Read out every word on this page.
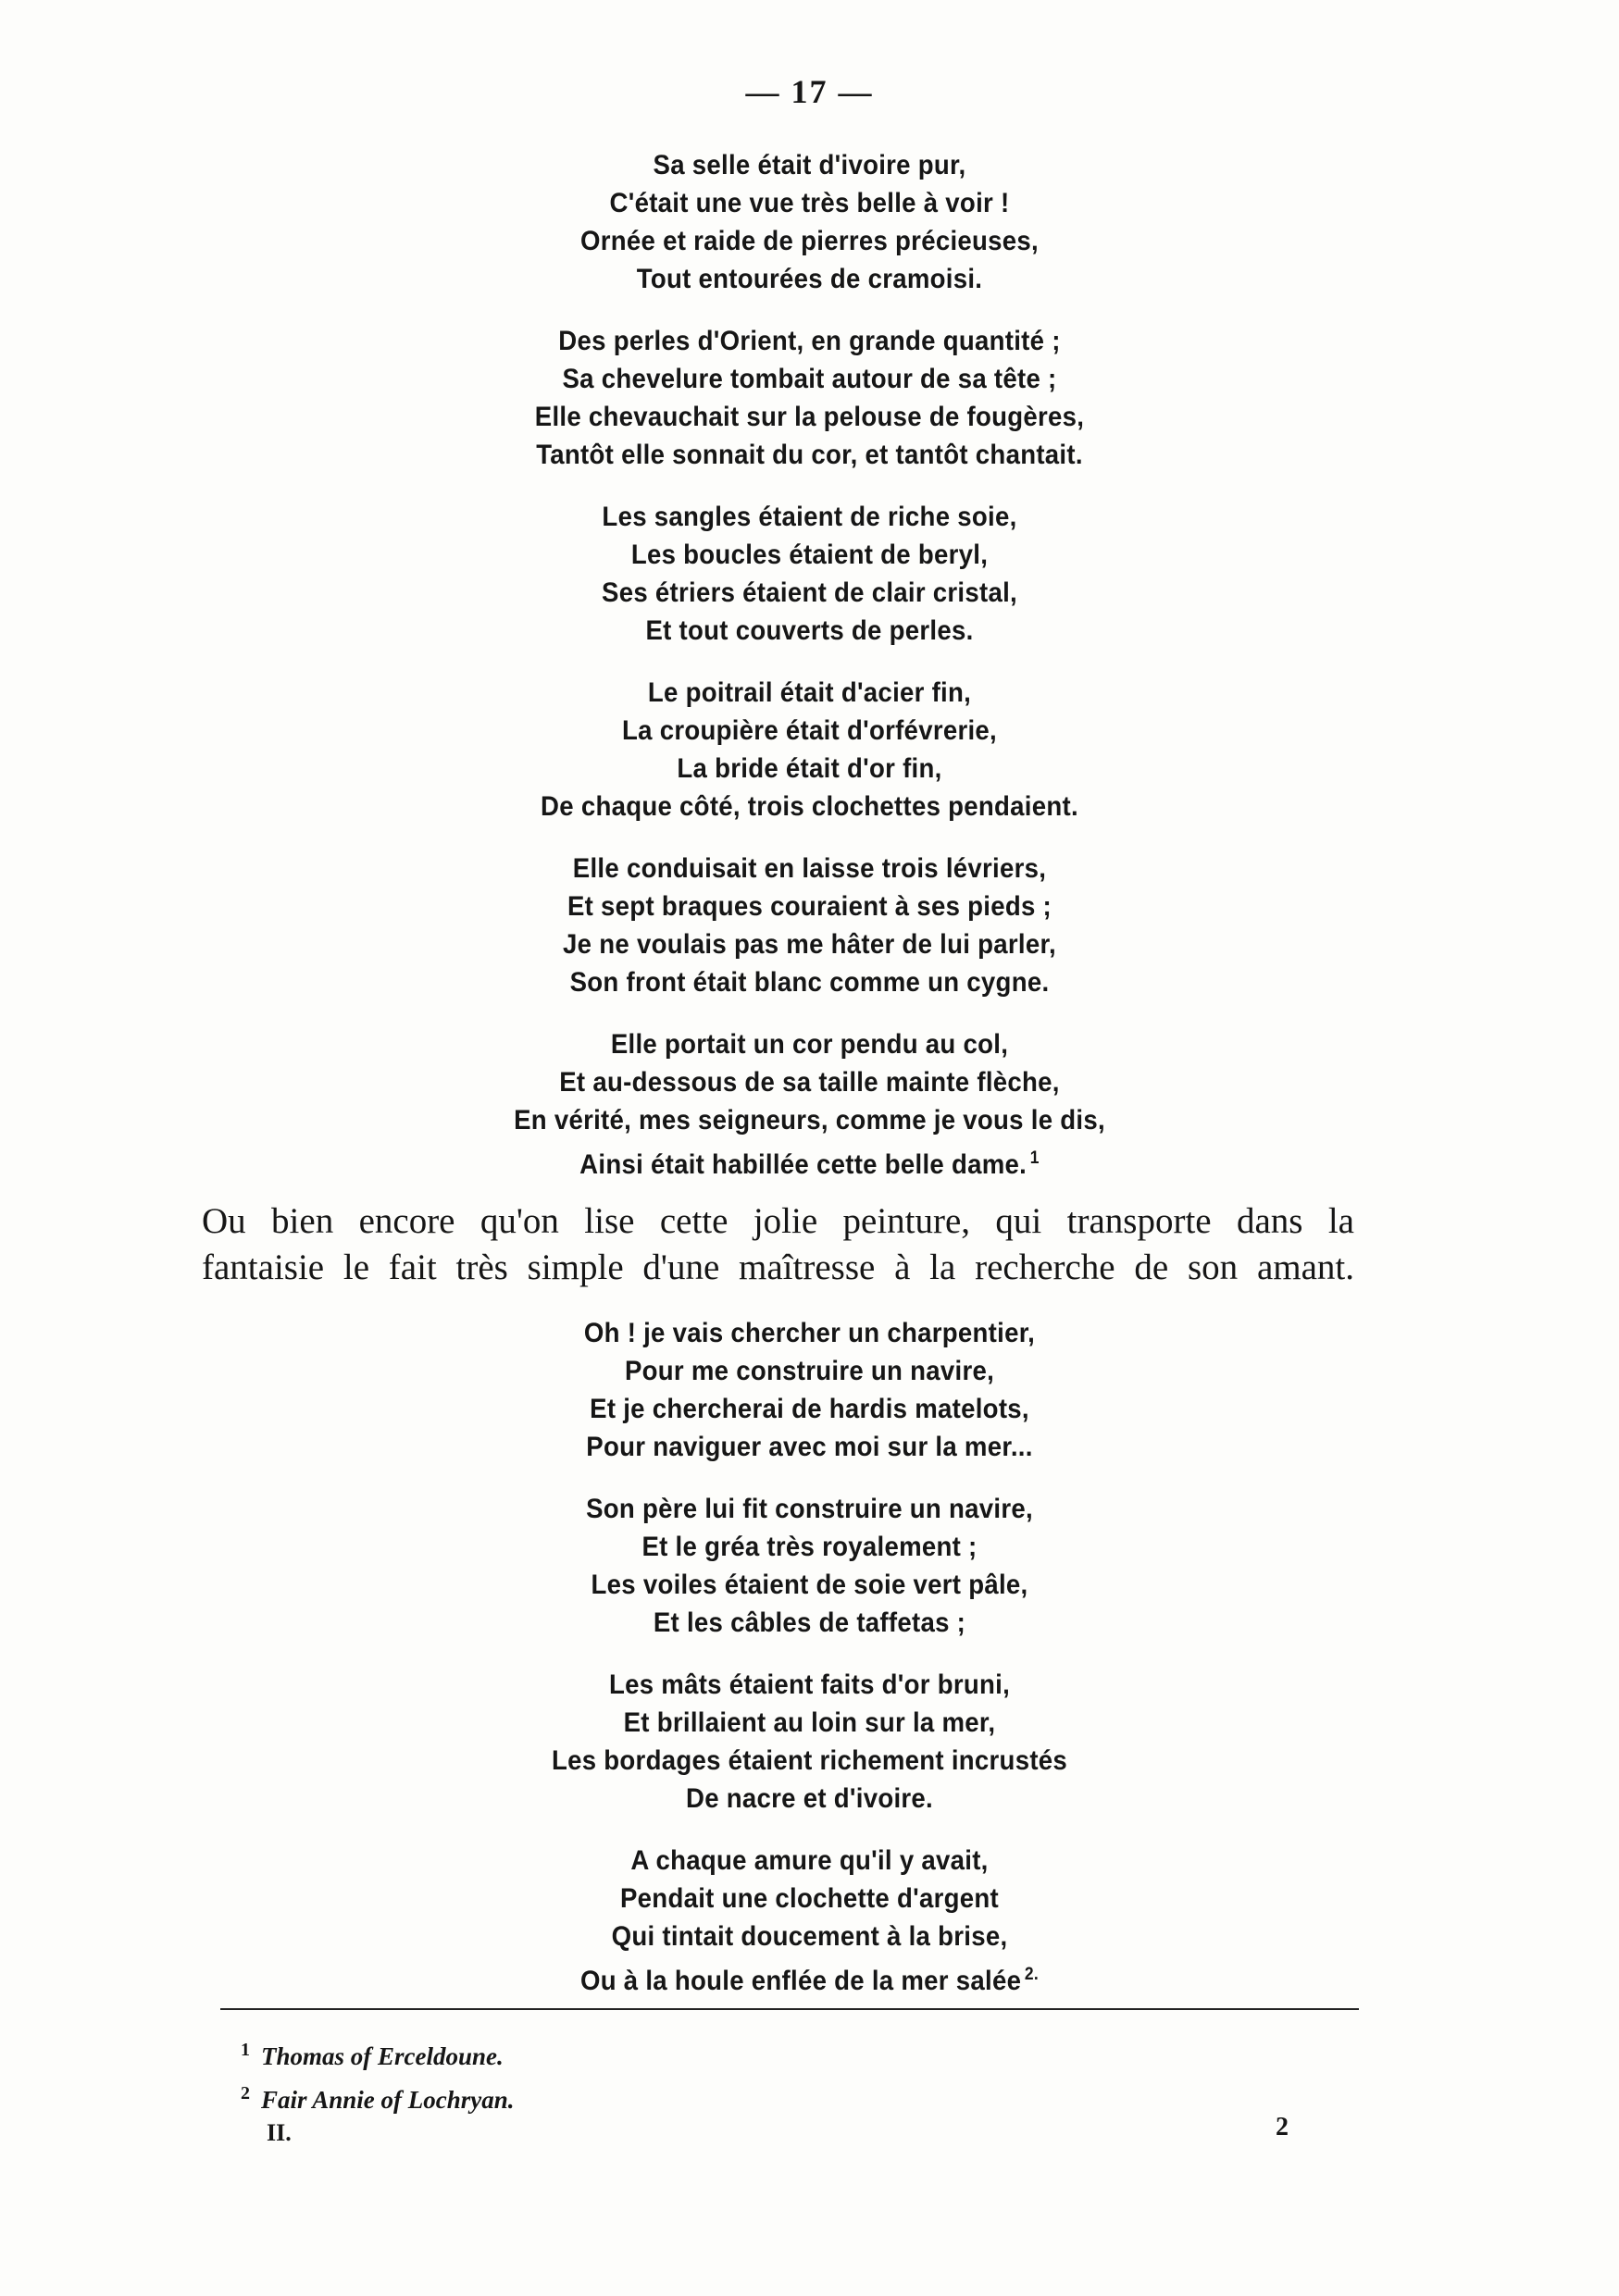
— 17 —
Sa selle était d'ivoire pur,
C'était une vue très belle à voir !
Ornée et raide de pierres précieuses,
Tout entourées de cramoisi.
Des perles d'Orient, en grande quantité ;
Sa chevelure tombait autour de sa tête ;
Elle chevauchait sur la pelouse de fougères,
Tantôt elle sonnait du cor, et tantôt chantait.
Les sangles étaient de riche soie,
Les boucles étaient de beryl,
Ses étriers étaient de clair cristal,
Et tout couverts de perles.
Le poitrail était d'acier fin,
La croupière était d'orfévrerie,
La bride était d'or fin,
De chaque côté, trois clochettes pendaient.
Elle conduisait en laisse trois lévriers,
Et sept braques couraient à ses pieds ;
Je ne voulais pas me hâter de lui parler,
Son front était blanc comme un cygne.
Elle portait un cor pendu au col,
Et au-dessous de sa taille mainte flèche,
En vérité, mes seigneurs, comme je vous le dis,
Ainsi était habillée cette belle dame. $^1$
Ou bien encore qu'on lise cette jolie peinture, qui transporte dans la
fantaisie le fait très simple d'une maîtresse à la recherche de son amant.
Oh ! je vais chercher un charpentier,
Pour me construire un navire,
Et je chercherai de hardis matelots,
Pour naviguer avec moi sur la mer...
Son père lui fit construire un navire,
Et le gréa très royalement ;
Les voiles étaient de soie vert pâle,
Et les câbles de taffetas ;
Les mâts étaient faits d'or bruni,
Et brillaient au loin sur la mer,
Les bordages étaient richement incrustés
De nacre et d'ivoire.
A chaque amure qu'il y avait,
Pendait une clochette d'argent
Qui tintait doucement à la brise,
Ou à la houle enflée de la mer salée $^{2.}$
$^1$ Thomas of Erceldoune.
$^2$ Fair Annie of Lochryan.
II.	2
